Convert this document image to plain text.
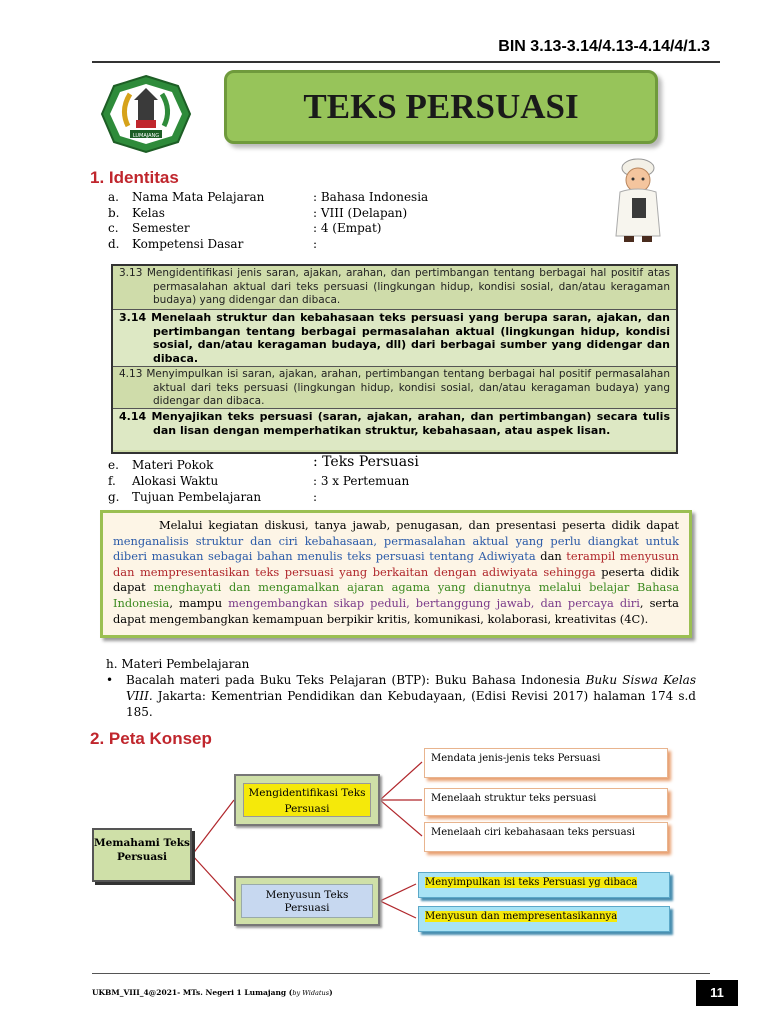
BIN 3.13-3.14/4.13-4.14/4/1.3
LUMAJANG
TEKS PERSUASI
1. Identitas
a. Nama Mata Pelajaran	: Bahasa Indonesia
b. Kelas	: VIII (Delapan)
c. Semester	: 4 (Empat)
d. Kompetensi Dasar	:
3.13 Mengidentifikasi jenis saran, ajakan, arahan, dan pertimbangan tentang berbagai hal positif atas permasalahan aktual dari teks persuasi (lingkungan hidup, kondisi sosial, dan/atau keragaman budaya) yang didengar dan dibaca.
3.14 Menelaah struktur dan kebahasaan teks persuasi yang berupa saran, ajakan, dan pertimbangan tentang berbagai permasalahan aktual (lingkungan hidup, kondisi sosial, dan/atau keragaman budaya, dll) dari berbagai sumber yang didengar dan dibaca.
4.13 Menyimpulkan isi saran, ajakan, arahan, pertimbangan tentang berbagai hal positif permasalahan aktual dari teks persuasi (lingkungan hidup, kondisi sosial, dan/atau keragaman budaya) yang didengar dan dibaca.
4.14 Menyajikan teks persuasi (saran, ajakan, arahan, dan pertimbangan) secara tulis dan lisan dengan memperhatikan struktur, kebahasaan, atau aspek lisan.
e. Materi Pokok	: Teks Persuasi
f. Alokasi Waktu	: 3 x Pertemuan
g. Tujuan Pembelajaran	:
Melalui kegiatan diskusi, tanya jawab, penugasan, dan presentasi peserta didik dapat menganalisis struktur dan ciri kebahasaan, permasalahan aktual yang perlu diangkat untuk diberi masukan sebagai bahan menulis teks persuasi tentang Adiwiyata dan terampil menyusun dan mempresentasikan teks persuasi yang berkaitan dengan adiwiyata sehingga peserta didik dapat menghayati dan mengamalkan ajaran agama yang dianutnya melalui belajar Bahasa Indonesia, mampu mengembangkan sikap peduli, bertanggung jawab, dan percaya diri, serta dapat mengembangkan kemampuan berpikir kritis, komunikasi, kolaborasi, kreativitas (4C).
h. Materi Pembelajaran
• Bacalah materi pada Buku Teks Pelajaran (BTP): Buku Bahasa Indonesia Buku Siswa Kelas VIII. Jakarta: Kementrian Pendidikan dan Kebudayaan, (Edisi Revisi 2017) halaman 174 s.d 185.
2. Peta Konsep
Memahami Teks Persuasi
Mengidentifikasi Teks Persuasi
Menyusun Teks Persuasi
Mendata jenis-jenis teks Persuasi
Menelaah struktur teks persuasi
Menelaah ciri kebahasaan teks persuasi
Menyimpulkan isi teks Persuasi yg dibaca
Menyusun dan mempresentasikannya
UKBM_VIII_4@2021- MTs. Negeri 1 Lumajang (by Widatus)	11
